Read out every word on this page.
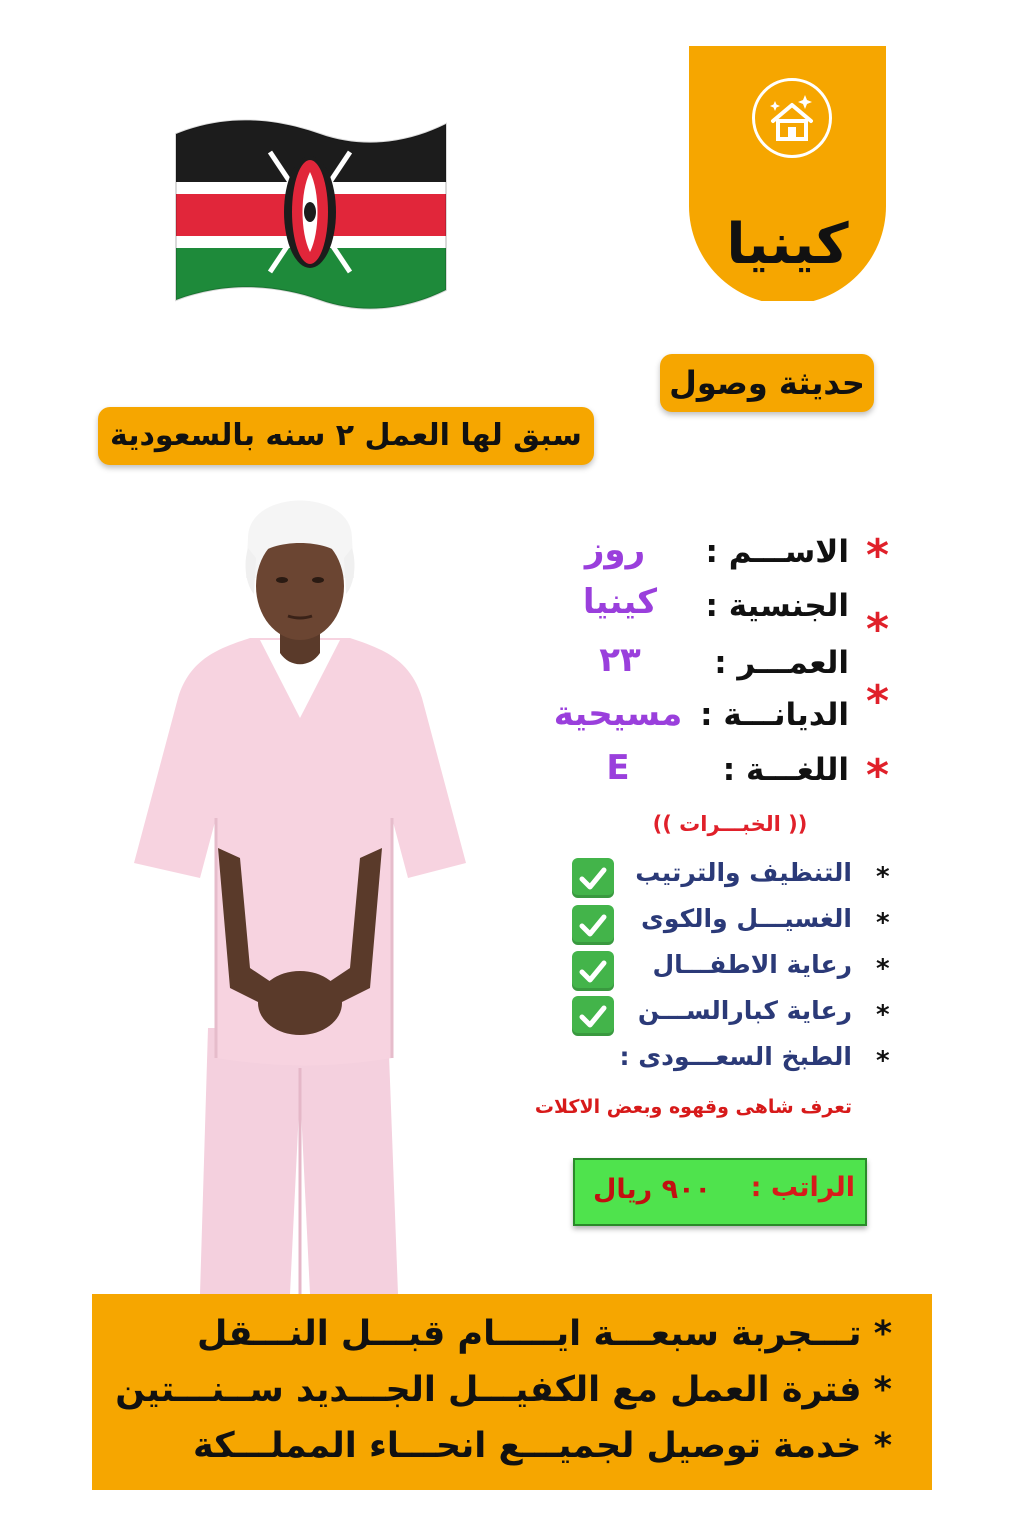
كينيا
حديثة وصول
سبق لها العمل ٢ سنه بالسعودية
*
الاســـم :
روز
*
الجنسية :
كينيا
العمـــر :
٢٣
*
الديانـــة :
مسيحية
*
اللغـــة :
E
(( الخبـــرات ))
*
التنظيف والترتيب
*
الغسيـــل والكوى
*
رعاية الاطفـــال
*
رعاية كبارالســـن
*
الطبخ السعـــودى :
تعرف شاهى وقهوه وبعض الاكلات
الراتب :
٩٠٠ ريال
* تـــجربة سبعـــة ايـــــام قبـــل النـــقل
* فترة العمل مع الكفيـــل الجـــديد ســنـــتين
* خدمة توصيل لجميـــع انحـــاء المملـــكة
